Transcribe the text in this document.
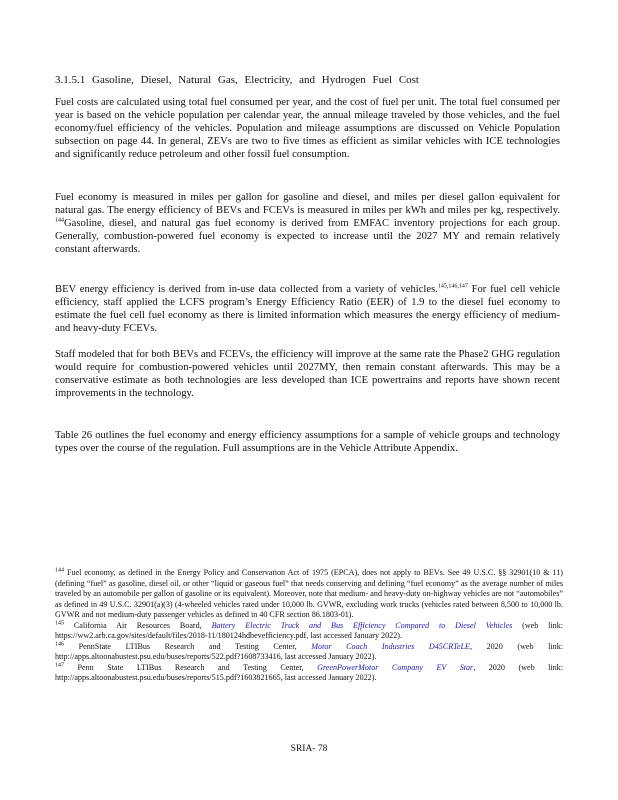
3.1.5.1 Gasoline, Diesel, Natural Gas, Electricity, and Hydrogen Fuel Cost

Fuel costs are calculated using total fuel consumed per year, and the cost of fuel per unit. The total fuel consumed per year is based on the vehicle population per calendar year, the annual mileage traveled by those vehicles, and the fuel economy/fuel efficiency of the vehicles. Population and mileage assumptions are discussed on Vehicle Population subsection on page 44. In general, ZEVs are two to five times as efficient as similar vehicles with ICE technologies and significantly reduce petroleum and other fossil fuel consumption.

Fuel economy is measured in miles per gallon for gasoline and diesel, and miles per diesel gallon equivalent for natural gas. The energy efficiency of BEVs and FCEVs is measured in miles per kWh and miles per kg, respectively. $^{144}$Gasoline, diesel, and natural gas fuel economy is derived from EMFAC inventory projections for each group. Generally, combustion-powered fuel economy is expected to increase until the 2027 MY and remain relatively constant afterwards.

BEV energy efficiency is derived from in-use data collected from a variety of vehicles.$^{145,146,147}$ For fuel cell vehicle efficiency, staff applied the LCFS program’s Energy Efficiency Ratio (EER) of 1.9 to the diesel fuel economy to estimate the fuel cell fuel economy as there is limited information which measures the energy efficiency of medium- and heavy-duty FCEVs.

Staff modeled that for both BEVs and FCEVs, the efficiency will improve at the same rate the Phase2 GHG regulation would require for combustion-powered vehicles until 2027MY, then remain constant afterwards. This may be a conservative estimate as both technologies are less developed than ICE powertrains and reports have shown recent improvements in the technology.

Table 26 outlines the fuel economy and energy efficiency assumptions for a sample of vehicle groups and technology types over the course of the regulation. Full assumptions are in the Vehicle Attribute Appendix.

$^{144}$ Fuel economy, as defined in the Energy Policy and Conservation Act of 1975 (EPCA), does not apply to BEVs. See 49 U.S.C. §§ 32901(10 & 11) (defining “fuel” as gasoline, diesel oil, or other “liquid or gaseous fuel” that needs conserving and defining “fuel economy” as the average number of miles traveled by an automobile per gallon of gasoline or its equivalent). Moreover, note that medium- and heavy-duty on-highway vehicles are not “automobiles” as defined in 49 U.S.C. 32901(a)(3) (4-wheeled vehicles rated under 10,000 lb. GVWR, excluding work trucks (vehicles rated between 8,500 to 10,000 lb. GVWR and not medium-duty passenger vehicles as defined in 40 CFR section 86.1803-01).

$^{145}$ California Air Resources Board, Battery Electric Truck and Bus Efficiency Compared to Diesel Vehicles (web link: https://ww2.arb.ca.gov/sites/default/files/2018-11/180124hdbevefficiency.pdf, last accessed January 2022).

$^{146}$ PennState LTIBus Research and Testing Center, Motor Coach Industries D45CRTeLE, 2020 (web link: http://apps.altoonabustest.psu.edu/buses/reports/522.pdf?1608733416, last accessed January 2022).

$^{147}$ Penn State LTIBus Research and Testing Center, GreenPowerMotor Company EV Star, 2020 (web link: http://apps.altoonabustest.psu.edu/buses/reports/515.pdf?1603821665, last accessed January 2022).

SRIA- 78
